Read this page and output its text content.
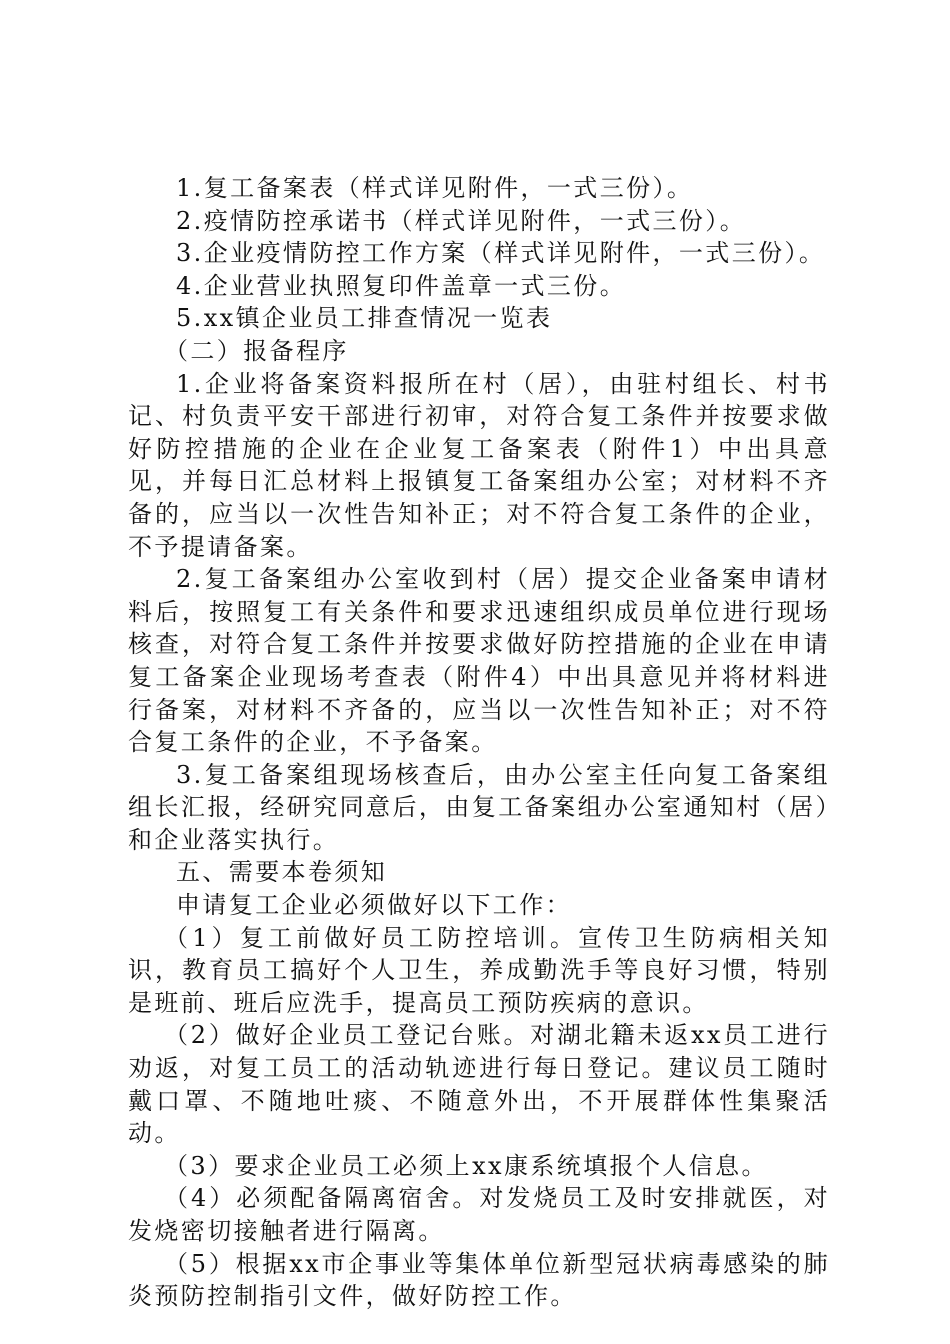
1.复工备案表（样式详见附件，一式三份）。

2.疫情防控承诺书（样式详见附件，一式三份）。

3.企业疫情防控工作方案（样式详见附件，一式三份）。

4.企业营业执照复印件盖章一式三份。

5.xx镇企业员工排查情况一览表

（二）报备程序

1.企业将备案资料报所在村（居），由驻村组长、村书记、村负责平安干部进行初审，对符合复工条件并按要求做好防控措施的企业在企业复工备案表（附件1）中出具意见，并每日汇总材料上报镇复工备案组办公室；对材料不齐备的，应当以一次性告知补正；对不符合复工条件的企业，不予提请备案。

2.复工备案组办公室收到村（居）提交企业备案申请材料后，按照复工有关条件和要求迅速组织成员单位进行现场核查，对符合复工条件并按要求做好防控措施的企业在申请复工备案企业现场考查表（附件4）中出具意见并将材料进行备案，对材料不齐备的，应当以一次性告知补正；对不符合复工条件的企业，不予备案。

3.复工备案组现场核查后，由办公室主任向复工备案组组长汇报，经研究同意后，由复工备案组办公室通知村（居）和企业落实执行。

五、需要本卷须知

申请复工企业必须做好以下工作：

（1）复工前做好员工防控培训。宣传卫生防病相关知识，教育员工搞好个人卫生，养成勤洗手等良好习惯，特别是班前、班后应洗手，提高员工预防疾病的意识。

（2）做好企业员工登记台账。对湖北籍未返xx员工进行劝返，对复工员工的活动轨迹进行每日登记。建议员工随时戴口罩、不随地吐痰、不随意外出，不开展群体性集聚活动。

（3）要求企业员工必须上xx康系统填报个人信息。

（4）必须配备隔离宿舍。对发烧员工及时安排就医，对发烧密切接触者进行隔离。

（5）根据xx市企事业等集体单位新型冠状病毒感染的肺炎预防控制指引文件，做好防控工作。
